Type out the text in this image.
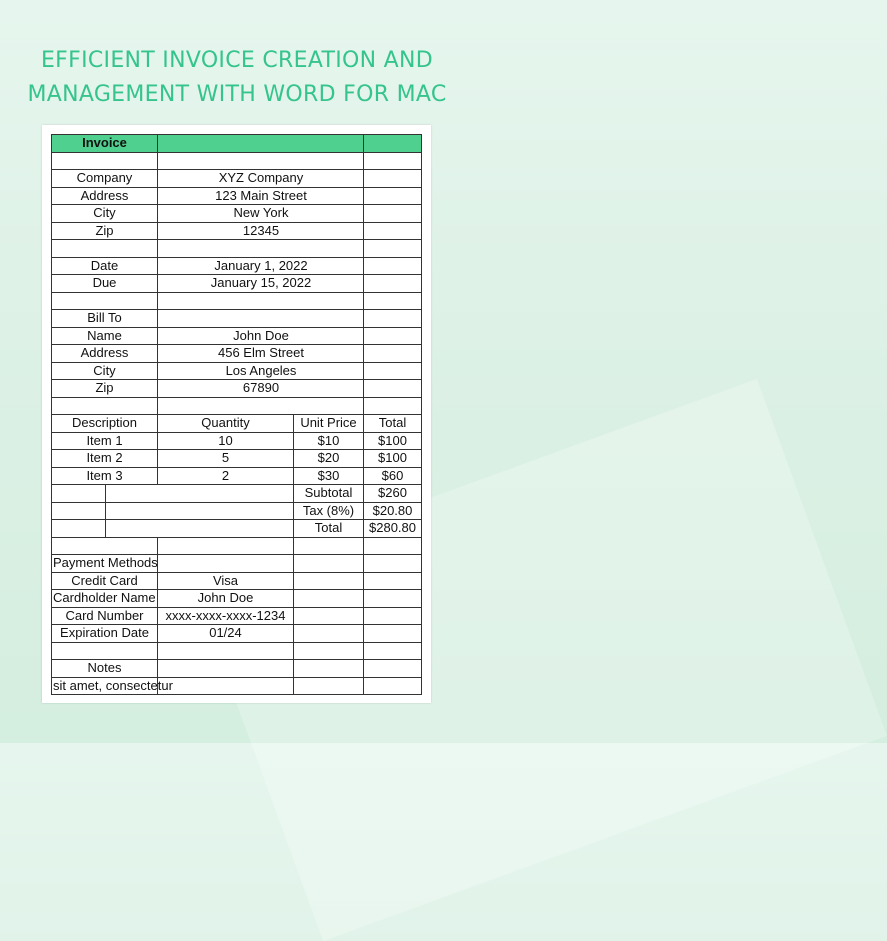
EFFICIENT INVOICE CREATION AND
MANAGEMENT WITH WORD FOR MAC
Invoice
Company	XYZ Company
Address	123 Main Street
City	New York
Zip	12345
Date	January 1, 2022
Due	January 15, 2022
Bill To
Name	John Doe
Address	456 Elm Street
City	Los Angeles
Zip	67890
Description	Quantity	Unit Price	Total
Item 1	10	$10	$100
Item 2	5	$20	$100
Item 3	2	$30	$60
Subtotal	$260
Tax (8%)	$20.80
Total	$280.80
Payment Methods
Credit Card	Visa
Cardholder Name	John Doe
Card Number	xxxx-xxxx-xxxx-1234
Expiration Date	01/24
Notes
sit amet, consectetur
